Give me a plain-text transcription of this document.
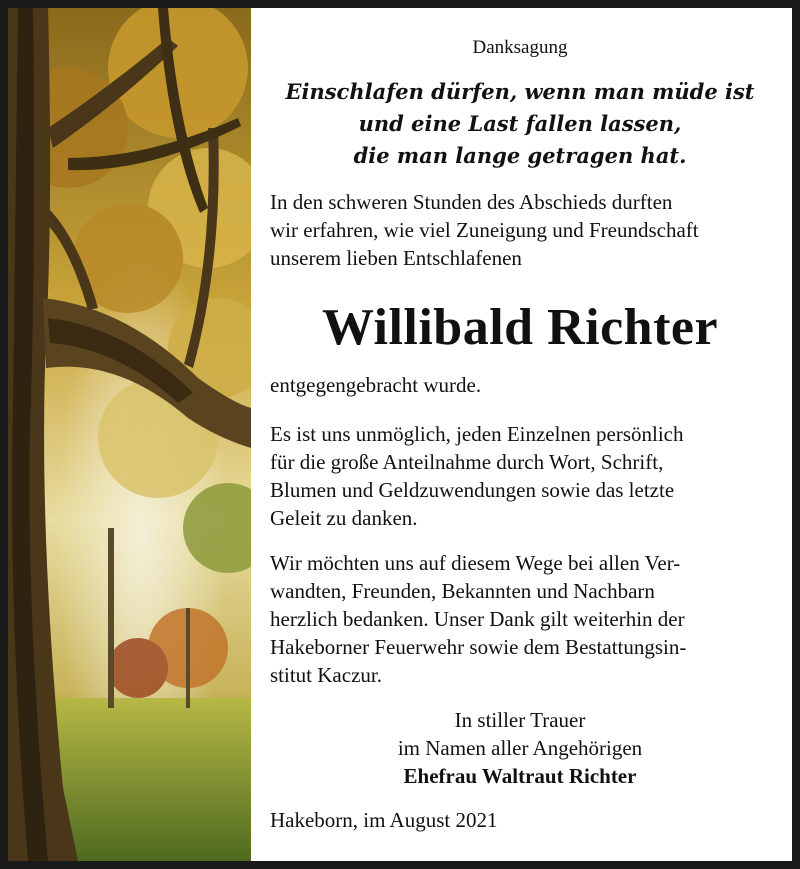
Danksagung
Einschlafen dürfen, wenn man müde ist
und eine Last fallen lassen,
die man lange getragen hat.
In den schweren Stunden des Abschieds durften
wir erfahren, wie viel Zuneigung und Freundschaft
unserem lieben Entschlafenen
Willibald Richter
entgegengebracht wurde.
Es ist uns unmöglich, jeden Einzelnen persönlich
für die große Anteilnahme durch Wort, Schrift,
Blumen und Geldzuwendungen sowie das letzte
Geleit zu danken.
Wir möchten uns auf diesem Wege bei allen Ver-
wandten, Freunden, Bekannten und Nachbarn
herzlich bedanken. Unser Dank gilt weiterhin der
Hakeborner Feuerwehr sowie dem Bestattungsin-
stitut Kaczur.
In stiller Trauer
im Namen aller Angehörigen
Ehefrau Waltraut Richter
Hakeborn, im August 2021
